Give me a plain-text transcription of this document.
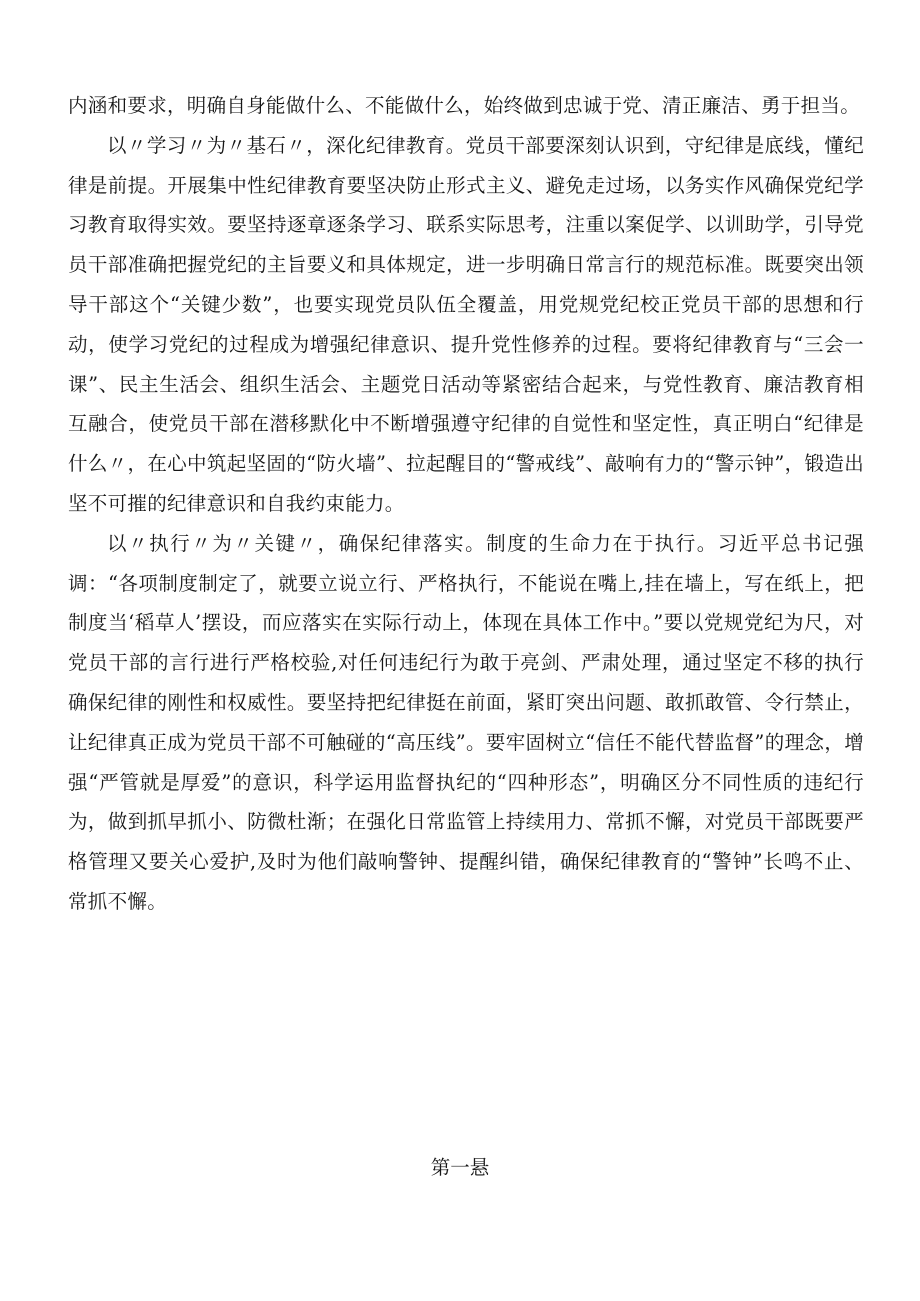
内涵和要求，明确自身能做什么、不能做什么，始终做到忠诚于党、清正廉洁、勇于担当。

以〃学习〃为〃基石〃，深化纪律教育。党员干部要深刻认识到，守纪律是底线，懂纪律是前提。开展集中性纪律教育要坚决防止形式主义、避免走过场，以务实作风确保党纪学习教育取得实效。要坚持逐章逐条学习、联系实际思考，注重以案促学、以训助学，引导党员干部准确把握党纪的主旨要义和具体规定，进一步明确日常言行的规范标准。既要突出领导干部这个“关键少数”，也要实现党员队伍全覆盖，用党规党纪校正党员干部的思想和行动，使学习党纪的过程成为增强纪律意识、提升党性修养的过程。要将纪律教育与“三会一课”、民主生活会、组织生活会、主题党日活动等紧密结合起来，与党性教育、廉洁教育相互融合，使党员干部在潜移默化中不断增强遵守纪律的自觉性和坚定性，真正明白“纪律是什么〃，在心中筑起坚固的“防火墙”、拉起醒目的“警戒线”、敲响有力的“警示钟”，锻造出坚不可摧的纪律意识和自我约束能力。

以〃执行〃为〃关键〃，确保纪律落实。制度的生命力在于执行。习近平总书记强调：“各项制度制定了，就要立说立行、严格执行，不能说在嘴上,挂在墙上，写在纸上，把制度当‘稻草人’摆设，而应落实在实际行动上，体现在具体工作中。”要以党规党纪为尺，对党员干部的言行进行严格校验,对任何违纪行为敢于亮剑、严肃处理，通过坚定不移的执行确保纪律的刚性和权威性。要坚持把纪律挺在前面，紧盯突出问题、敢抓敢管、令行禁止，让纪律真正成为党员干部不可触碰的“高压线”。要牢固树立“信任不能代替监督”的理念，增强“严管就是厚爱”的意识，科学运用监督执纪的“四种形态”，明确区分不同性质的违纪行为，做到抓早抓小、防微杜渐；在强化日常监管上持续用力、常抓不懈，对党员干部既要严格管理又要关心爱护,及时为他们敲响警钟、提醒纠错，确保纪律教育的“警钟”长鸣不止、常抓不懈。

第一悬
